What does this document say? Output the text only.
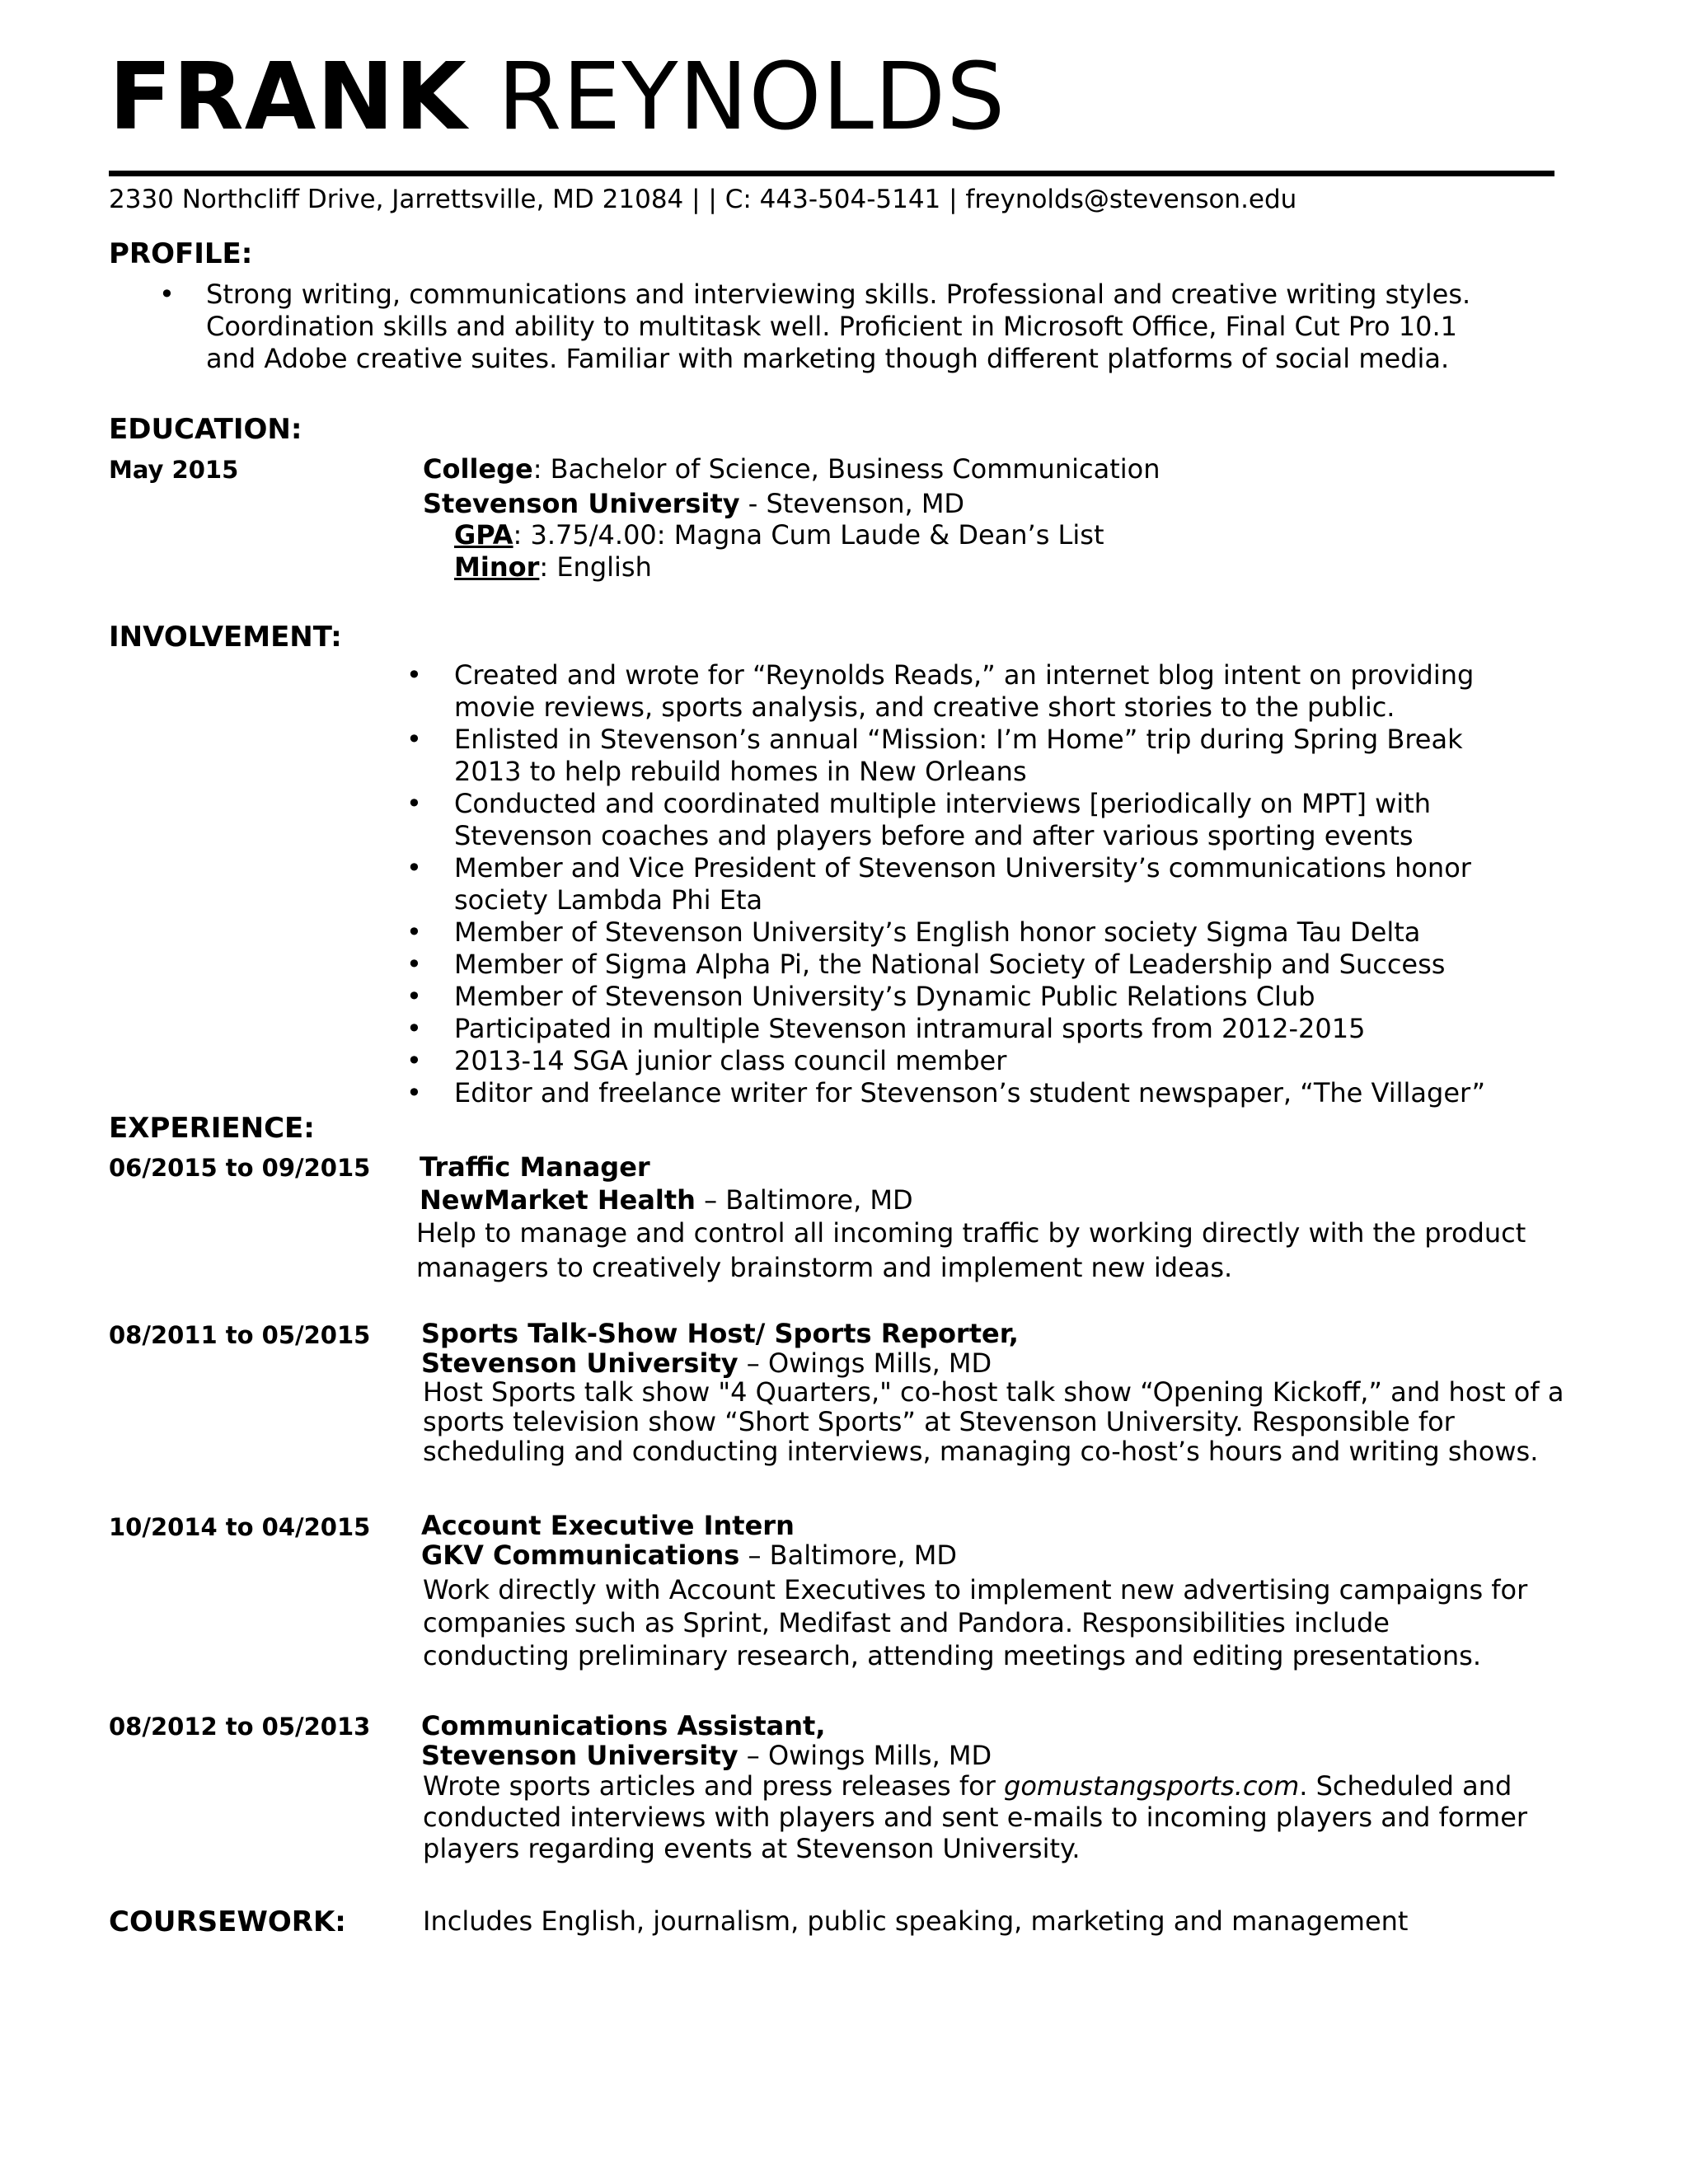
FRANK REYNOLDS
2330 Northcliff Drive, Jarrettsville, MD 21084 | | C: 443-504-5141 | freynolds@stevenson.edu
PROFILE:
• Strong writing, communications and interviewing skills. Professional and creative writing styles.
Coordination skills and ability to multitask well. Proficient in Microsoft Office, Final Cut Pro 10.1
and Adobe creative suites. Familiar with marketing though different platforms of social media.
EDUCATION:
May 2015	College: Bachelor of Science, Business Communication
Stevenson University - Stevenson, MD
GPA: 3.75/4.00: Magna Cum Laude & Dean’s List
Minor: English
INVOLVEMENT:
• Created and wrote for “Reynolds Reads,” an internet blog intent on providing
movie reviews, sports analysis, and creative short stories to the public.
• Enlisted in Stevenson’s annual “Mission: I’m Home” trip during Spring Break
2013 to help rebuild homes in New Orleans
• Conducted and coordinated multiple interviews [periodically on MPT] with
Stevenson coaches and players before and after various sporting events
• Member and Vice President of Stevenson University’s communications honor
society Lambda Phi Eta
• Member of Stevenson University’s English honor society Sigma Tau Delta
• Member of Sigma Alpha Pi, the National Society of Leadership and Success
• Member of Stevenson University’s Dynamic Public Relations Club
• Participated in multiple Stevenson intramural sports from 2012-2015
• 2013-14 SGA junior class council member
• Editor and freelance writer for Stevenson’s student newspaper, “The Villager”
EXPERIENCE:
06/2015 to 09/2015 Traffic Manager
NewMarket Health – Baltimore, MD
Help to manage and control all incoming traffic by working directly with the product
managers to creatively brainstorm and implement new ideas.
08/2011 to 05/2015 Sports Talk-Show Host/ Sports Reporter,
Stevenson University – Owings Mills, MD
Host Sports talk show "4 Quarters," co-host talk show “Opening Kickoff,” and host of a
sports television show “Short Sports” at Stevenson University. Responsible for
scheduling and conducting interviews, managing co-host’s hours and writing shows.
10/2014 to 04/2015 Account Executive Intern
GKV Communications – Baltimore, MD
Work directly with Account Executives to implement new advertising campaigns for
companies such as Sprint, Medifast and Pandora. Responsibilities include
conducting preliminary research, attending meetings and editing presentations.
08/2012 to 05/2013 Communications Assistant,
Stevenson University – Owings Mills, MD
Wrote sports articles and press releases for gomustangsports.com. Scheduled and
conducted interviews with players and sent e-mails to incoming players and former
players regarding events at Stevenson University.
COURSEWORK:	Includes English, journalism, public speaking, marketing and management
